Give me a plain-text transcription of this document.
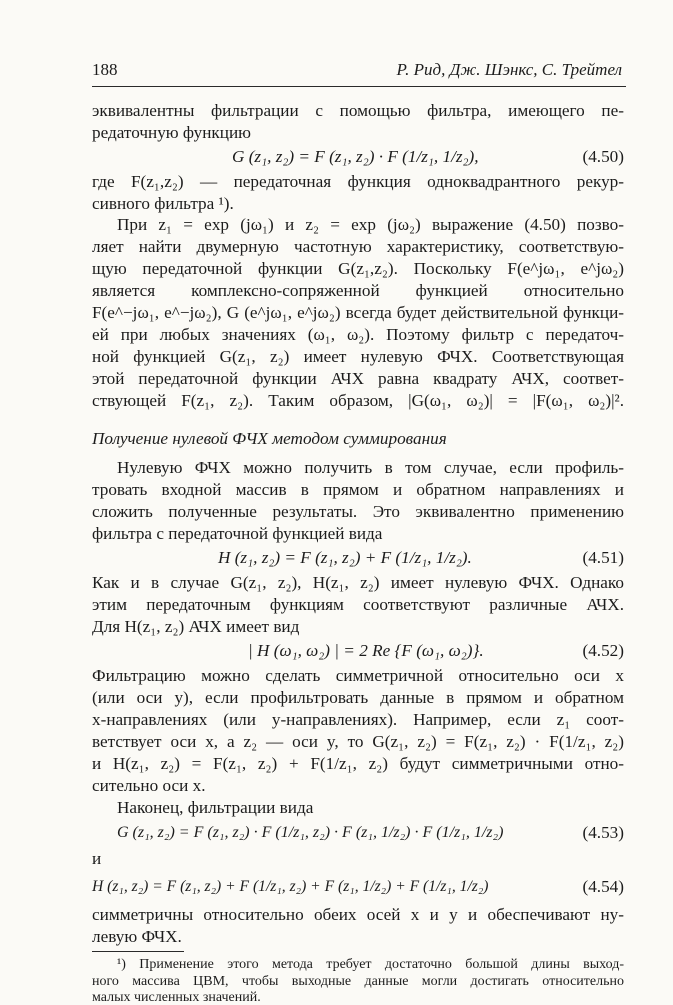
188	Р. Рид, Дж. Шэнкс, С. Трейтел
эквивалентны фильтрации с помощью фильтра, имеющего пе-
редаточную функцию
G (z₁, z₂) = F (z₁, z₂) · F (1/z₁, 1/z₂),	(4.50)
где F(z₁,z₂) — передаточная функция одноквадрантного рекур-
сивного фильтра ¹).
При z₁ = exp (jω₁) и z₂ = exp (jω₂) выражение (4.50) позво-
ляет найти двумерную частотную характеристику, соответствую-
щую передаточной функции G(z₁,z₂). Поскольку F(e^jω₁, e^jω₂)
является комплексно-сопряженной функцией относительно
F(e^−jω₁, e^−jω₂), G (e^jω₁, e^jω₂) всегда будет действительной функци-
ей при любых значениях (ω₁, ω₂). Поэтому фильтр с передаточ-
ной функцией G(z₁, z₂) имеет нулевую ФЧХ. Соответствующая
этой передаточной функции АЧХ равна квадрату АЧХ, соответ-
ствующей F(z₁, z₂). Таким образом, |G(ω₁, ω₂)| = |F(ω₁, ω₂)|².
Получение нулевой ФЧХ методом суммирования
Нулевую ФЧХ можно получить в том случае, если профиль-
тровать входной массив в прямом и обратном направлениях и
сложить полученные результаты. Это эквивалентно применению
фильтра с передаточной функцией вида
H (z₁, z₂) = F (z₁, z₂) + F (1/z₁, 1/z₂).	(4.51)
Как и в случае G(z₁, z₂), H(z₁, z₂) имеет нулевую ФЧХ. Однако
этим передаточным функциям соответствуют различные АЧХ.
Для H(z₁, z₂) АЧХ имеет вид
| H (ω₁, ω₂) | = 2 Re {F (ω₁, ω₂)}.	(4.52)
Фильтрацию можно сделать симметричной относительно оси x
(или оси y), если профильтровать данные в прямом и обратном
x-направлениях (или y-направлениях). Например, если z₁ соот-
ветствует оси x, a z₂ — оси y, то G(z₁, z₂) = F(z₁, z₂) · F(1/z₁, z₂)
и H(z₁, z₂) = F(z₁, z₂) + F(1/z₁, z₂) будут симметричными отно-
сительно оси x.
Наконец, фильтрации вида
G (z₁, z₂) = F (z₁, z₂) · F (1/z₁, z₂) · F (z₁, 1/z₂) · F (1/z₁, 1/z₂)	(4.53)
и
H (z₁, z₂) = F (z₁, z₂) + F (1/z₁, z₂) + F (z₁, 1/z₂) + F (1/z₁, 1/z₂)	(4.54)
симметричны относительно обеих осей x и y и обеспечивают ну-
левую ФЧХ.
¹) Применение этого метода требует достаточно большой длины выход-
ного массива ЦВМ, чтобы выходные данные могли достигать относительно
малых численных значений.
